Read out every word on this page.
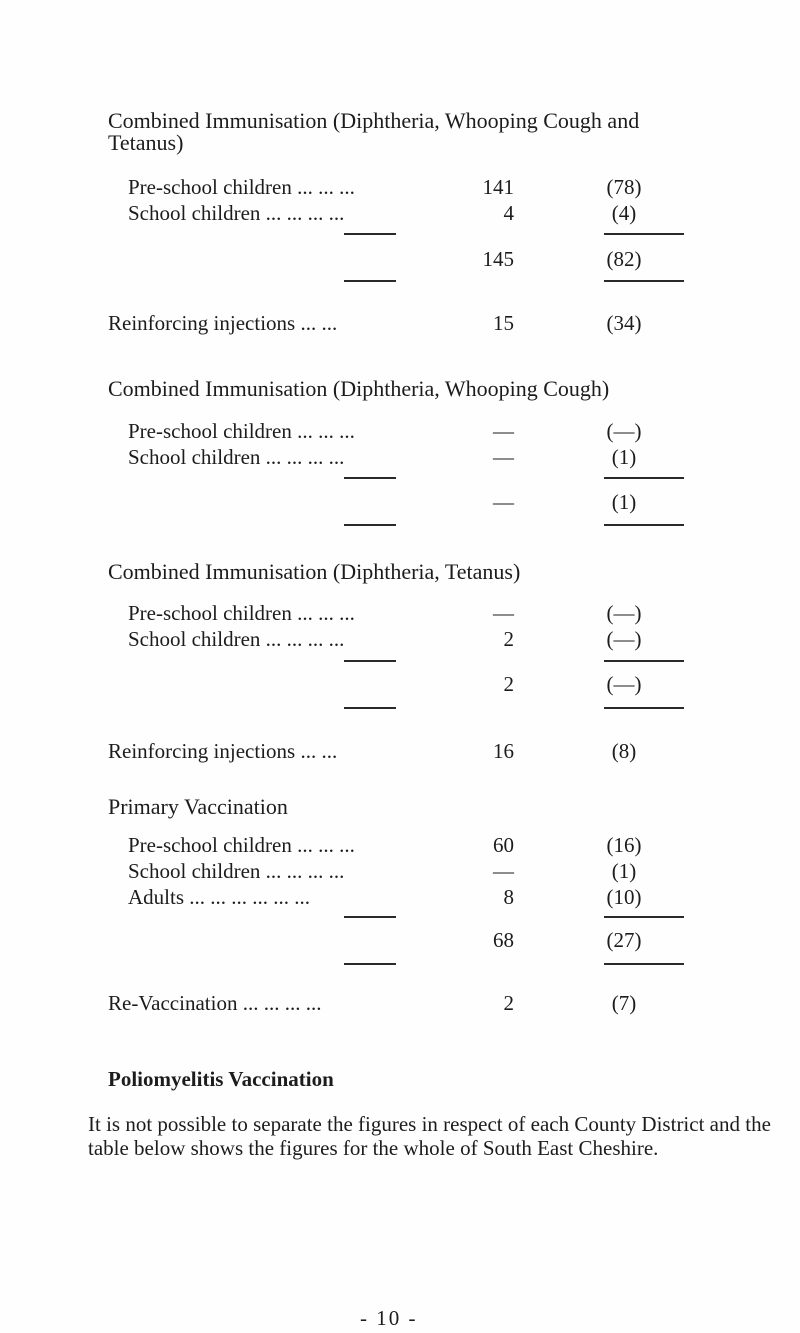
Combined Immunisation (Diphtheria, Whooping Cough and
Tetanus)
Pre-school children ... ... ...	141	(78)
School children ... ... ... ...	4	(4)
145	(82)
Reinforcing injections ... ...	15	(34)
Combined Immunisation (Diphtheria, Whooping Cough)
Pre-school children ... ... ...	—	(—)
School children ... ... ... ...	—	(1)
—	(1)
Combined Immunisation (Diphtheria, Tetanus)
Pre-school children ... ... ...	—	(—)
School children ... ... ... ...	2	(—)
2	(—)
Reinforcing injections ... ...	16	(8)
Primary Vaccination
Pre-school children ... ... ...	60	(16)
School children ... ... ... ...	—	(1)
Adults ... ... ... ... ... ...	8	(10)
68	(27)
Re-Vaccination ... ... ... ...	2	(7)
Poliomyelitis Vaccination
It is not possible to separate the figures in respect of each County District and the table below shows the figures for the whole of South East Cheshire.
- 10 -
